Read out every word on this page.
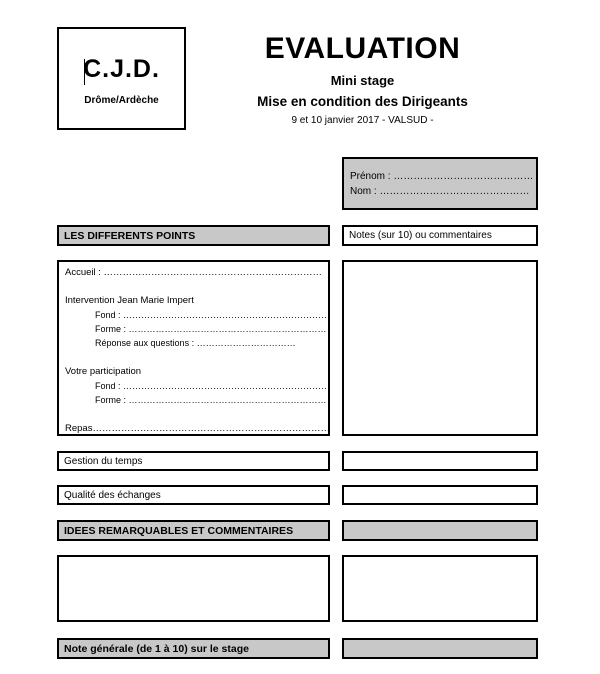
C.J.D.
Drôme/Ardèche
EVALUATION
Mini stage
Mise en condition des Dirigeants
9 et 10 janvier 2017 - VALSUD -
Prénom : ……………………………………
Nom : ………………………………………
LES DIFFERENTS POINTS	Notes (sur 10) ou commentaires
Accueil : ……………………………………………………………
Intervention Jean Marie Impert
Fond : ……………………………………………………………
Forme : …………………………………………………………
Réponse aux questions : ……………………………
Votre participation
Fond : ……………………………………………………………
Forme : …………………………………………………………
Repas…………………………………………………………………
Gestion du temps
Qualité des échanges
IDEES REMARQUABLES ET COMMENTAIRES
Note générale (de 1 à 10) sur le stage
